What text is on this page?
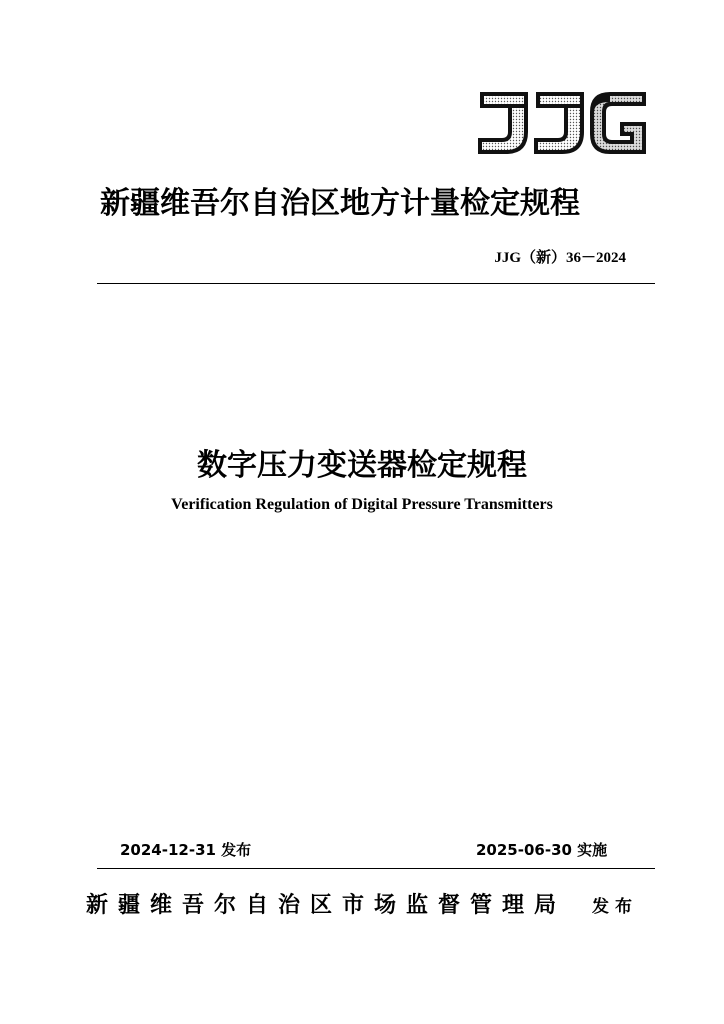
新疆维吾尔自治区地方计量检定规程
JJG（新）36－2024
数字压力变送器检定规程
Verification Regulation of Digital Pressure Transmitters
2024-12-31 发布	2025-06-30 实施
新疆维吾尔自治区市场监督管理局 发布
